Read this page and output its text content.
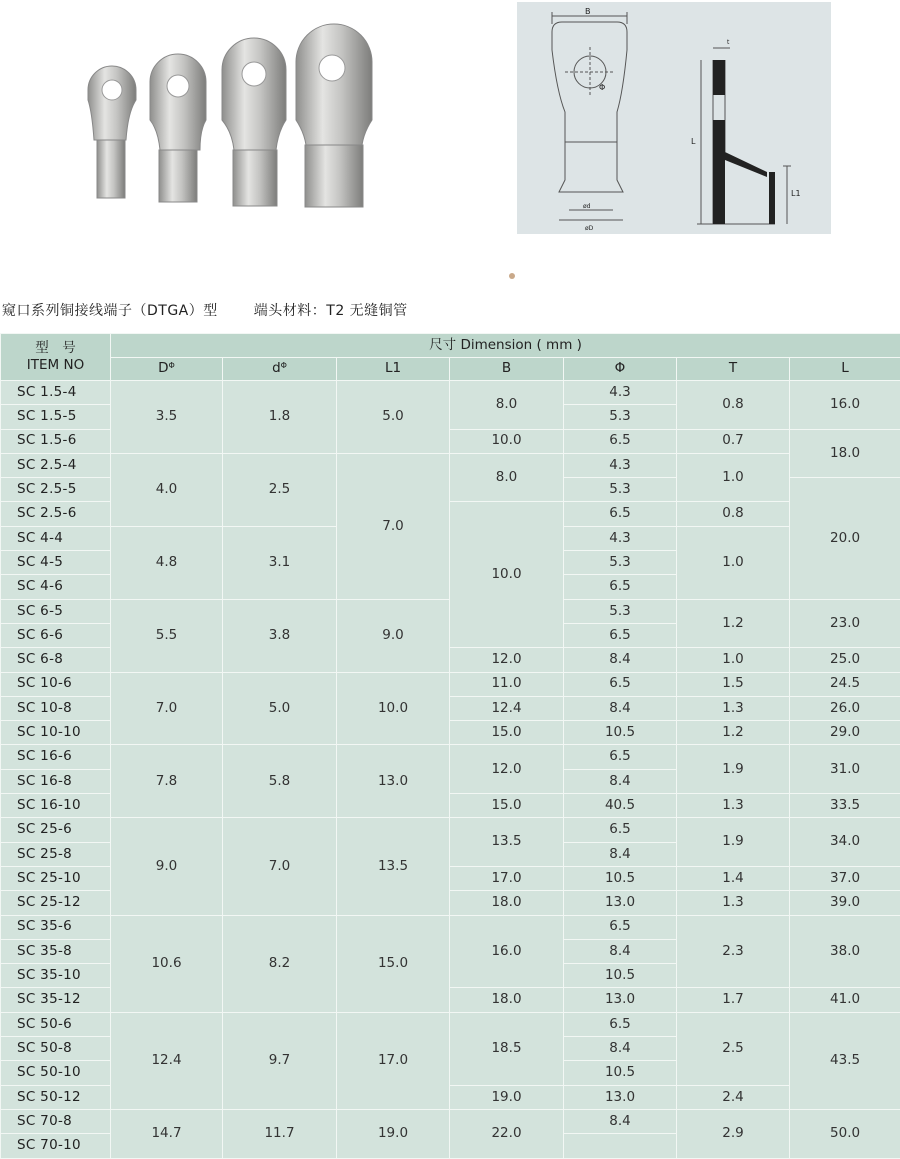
B
Φ
ød
øD
t
L
L1
窥口系列铜接线端子（DTGA）型	端头材料：T2 无缝铜管
型　号
ITEM NO	尺寸 Dimension ( mm )						
	$D^\Phi$	$d^\Phi$	L1	B	Φ	T	L
SC 1.5-4	3.5	1.8	5.0	8.0	4.3	0.8	16.0
SC 1.5-5					5.3		
SC 1.5-6				10.0	6.5	0.7	18.0
SC 2.5-4	4.0	2.5	7.0	8.0	4.3	1.0	
SC 2.5-5					5.3		20.0
SC 2.5-6				10.0	6.5	0.8	
SC 4-4	4.8	3.1			4.3	1.0	
SC 4-5					5.3		
SC 4-6					6.5		
SC 6-5	5.5	3.8	9.0		5.3	1.2	23.0
SC 6-6					6.5		
SC 6-8				12.0	8.4	1.0	25.0
SC 10-6	7.0	5.0	10.0	11.0	6.5	1.5	24.5
SC 10-8				12.4	8.4	1.3	26.0
SC 10-10				15.0	10.5	1.2	29.0
SC 16-6	7.8	5.8	13.0	12.0	6.5	1.9	31.0
SC 16-8					8.4		
SC 16-10				15.0	40.5	1.3	33.5
SC 25-6	9.0	7.0	13.5	13.5	6.5	1.9	34.0
SC 25-8					8.4		
SC 25-10				17.0	10.5	1.4	37.0
SC 25-12				18.0	13.0	1.3	39.0
SC 35-6	10.6	8.2	15.0	16.0	6.5	2.3	38.0
SC 35-8					8.4		
SC 35-10					10.5		
SC 35-12				18.0	13.0	1.7	41.0
SC 50-6	12.4	9.7	17.0	18.5	6.5	2.5	43.5
SC 50-8					8.4		
SC 50-10					10.5		
SC 50-12				19.0	13.0	2.4	
SC 70-8	14.7	11.7	19.0	22.0	8.4	2.9	50.0
SC 70-10							
